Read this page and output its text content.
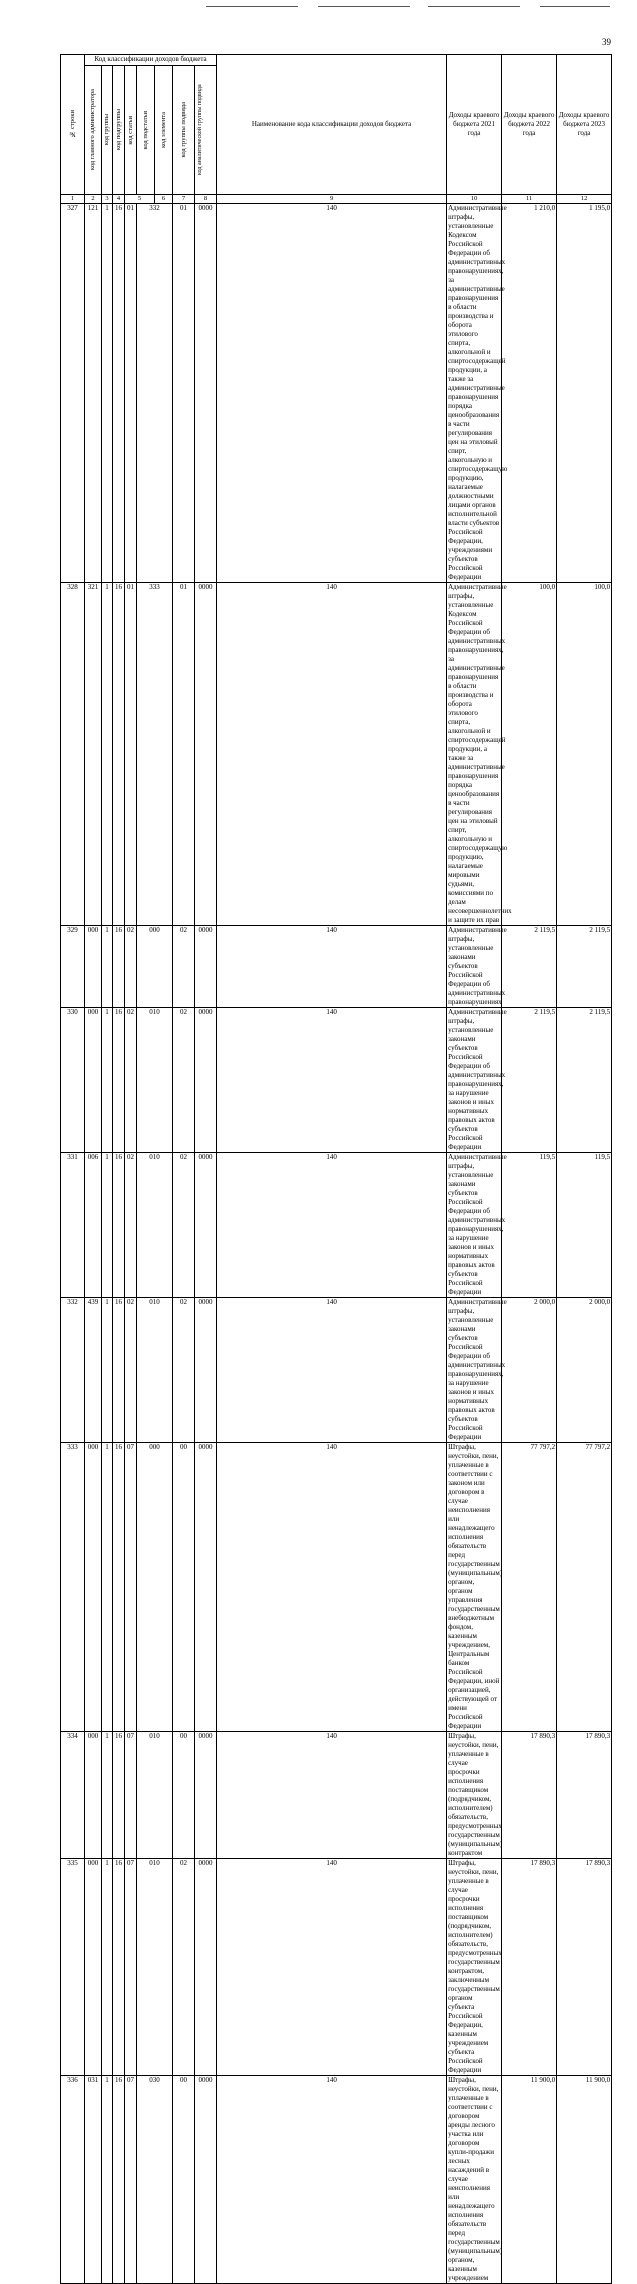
39
№ строки	Код классификации доходов бюджета								Наименование кода классификации доходов бюджета	Доходы краевого бюджета 2021 года	Доходы краевого бюджета 2022 года	Доходы краевого бюджета 2023 года	

	код главного администратора	код группы	код подгруппы	код статьи	код подстатьи	код элемента	код группы подвида	код аналитической группы подвида					

1	2	3	4	5		6	7	8	9	10	11	12	
327	121	1	16	01	332		01	0000	140	Административные штрафы, установленные Кодексом Российской Федерации об административных правонарушениях, за административные правонарушения в области производства и оборота этилового спирта, алкогольной и спиртосодержащей продукции, а также за административные правонарушения порядка ценообразования в части регулирования цен на этиловый спирт, алкогольную и спиртосодержащую продукцию, налагаемые должностными лицами органов исполнительной власти субъектов Российской Федерации, учреждениями субъектов Российской Федерации	1 210,0	1 195,0	
328	321	1	16	01	333		01	0000	140	Административные штрафы, установленные Кодексом Российской Федерации об административных правонарушениях, за административные правонарушения в области производства и оборота этилового спирта, алкогольной и спиртосодержащей продукции, а также за административные правонарушения порядка ценообразования в части регулирования цен на этиловый спирт, алкогольную и спиртосодержащую продукцию, налагаемые мировыми судьями, комиссиями по делам несовершеннолетних и защите их прав	100,0	100,0	
329	000	1	16	02	000		02	0000	140	Административные штрафы, установленные законами субъектов Российской Федерации об административных правонарушениях	2 119,5	2 119,5	
330	000	1	16	02	010		02	0000	140	Административные штрафы, установленные законами субъектов Российской Федерации об административных правонарушениях, за нарушение законов и иных нормативных правовых актов субъектов Российской Федерации	2 119,5	2 119,5	
331	006	1	16	02	010		02	0000	140	Административные штрафы, установленные законами субъектов Российской Федерации об административных правонарушениях, за нарушение законов и иных нормативных правовых актов субъектов Российской Федерации	119,5	119,5	
332	439	1	16	02	010		02	0000	140	Административные штрафы, установленные законами субъектов Российской Федерации об административных правонарушениях, за нарушение законов и иных нормативных правовых актов субъектов Российской Федерации	2 000,0	2 000,0	
333	000	1	16	07	000		00	0000	140	Штрафы, неустойки, пени, уплаченные в соответствии с законом или договором в случае неисполнения или ненадлежащего исполнения обязательств перед государственным (муниципальным) органом, органом управления государственным внебюджетным фондом, казенным учреждением, Центральным банком Российской Федерации, иной организацией, действующей от имени Российской Федерации	77 797,2	77 797,2	
334	000	1	16	07	010		00	0000	140	Штрафы, неустойки, пени, уплаченные в случае просрочки исполнения поставщиком (подрядчиком, исполнителем) обязательств, предусмотренных государственным (муниципальным) контрактом	17 890,3	17 890,3	
335	000	1	16	07	010		02	0000	140	Штрафы, неустойки, пени, уплаченные в случае просрочки исполнения поставщиком (подрядчиком, исполнителем) обязательств, предусмотренных государственным контрактом, заключенным государственным органом субъекта Российской Федерации, казенным учреждением субъекта Российской Федерации	17 890,3	17 890,3	
336	031	1	16	07	030		00	0000	140	Штрафы, неустойки, пени, уплаченные в соответствии с договором аренды лесного участка или договором купли-продажи лесных насаждений в случае неисполнения или ненадлежащего исполнения обязательств перед государственным (муниципальным) органом, казенным учреждением	11 900,0	11 900,0	
